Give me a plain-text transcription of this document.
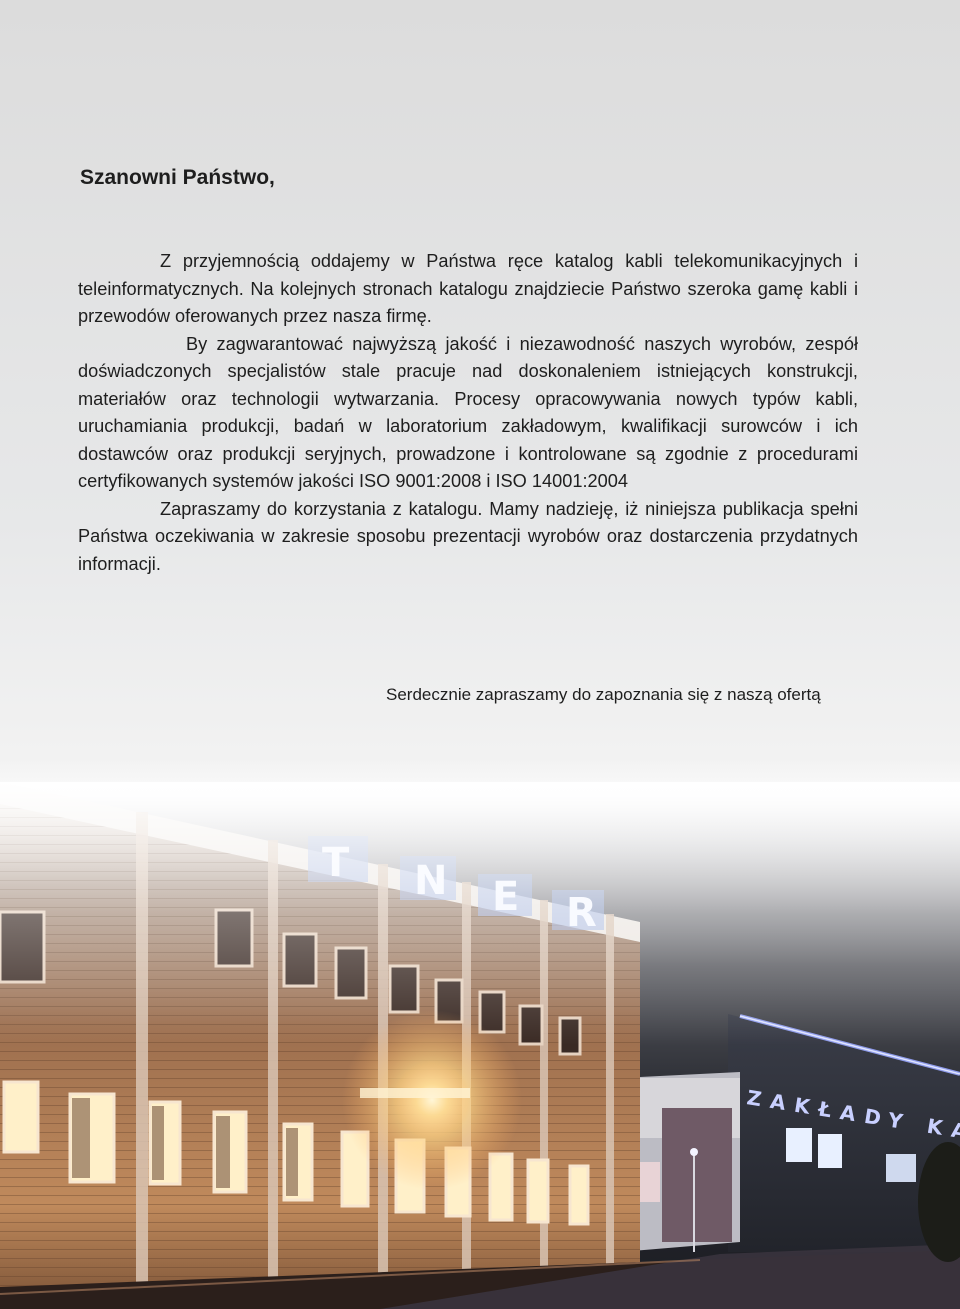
Szanowni Państwo,

Z przyjemnością oddajemy w Państwa ręce katalog kabli telekomunikacyjnych i teleinformatycznych. Na kolejnych stronach katalogu znajdziecie Państwo szeroka gamę kabli i przewodów oferowanych przez nasza firmę.

By zagwarantować najwyższą jakość i niezawodność naszych wyrobów, zespół doświadczonych specjalistów stale pracuje nad doskonaleniem istniejących konstrukcji, materiałów oraz technologii wytwarzania. Procesy opracowywania nowych typów kabli, uruchamiania produkcji, badań w laboratorium zakładowym, kwalifikacji surowców i ich dostawców oraz produkcji seryjnych, prowadzone i kontrolowane są zgodnie z procedurami certyfikowanych systemów jakości ISO 9001:2008 i ISO 14001:2004

Zapraszamy do korzystania z katalogu. Mamy nadzieję, iż niniejsza publikacja spełni Państwa oczekiwania w zakresie sposobu prezentacji wyrobów oraz dostarczenia przydatnych informacji.

Serdecznie zapraszamy do zapoznania się z naszą ofertą
